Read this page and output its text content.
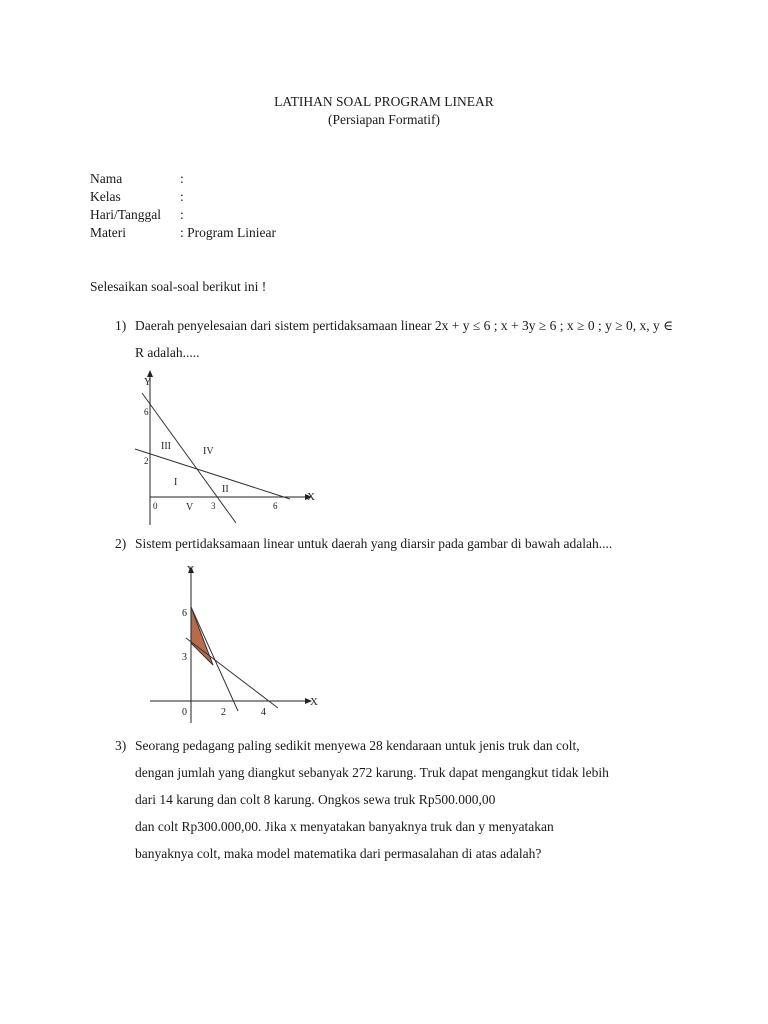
LATIHAN SOAL PROGRAM LINEAR
(Persiapan Formatif)
Nama	:
Kelas	:
Hari/Tanggal	:
Materi	: Program Liniear
Selesaikan soal-soal berikut ini !
1) Daerah penyelesaian dari sistem pertidaksamaan linear 2x + y ≤ 6 ; x + 3y ≥ 6 ; x ≥ 0 ; y ≥ 0, x, y ∈ R adalah.....
X
Y
0	3	6
2
6
I
II
III	IV
V
2) Sistem pertidaksamaan linear untuk daerah yang diarsir pada gambar di bawah adalah....
X
Y
0	2	4
3
6
3) Seorang pedagang paling sedikit menyewa 28 kendaraan untuk jenis truk dan colt,
dengan jumlah yang diangkut sebanyak 272 karung. Truk dapat mengangkut tidak lebih
dari 14 karung dan colt 8 karung. Ongkos sewa truk Rp500.000,00
dan colt Rp300.000,00. Jika x menyatakan banyaknya truk dan y menyatakan
banyaknya colt, maka model matematika dari permasalahan di atas adalah?
